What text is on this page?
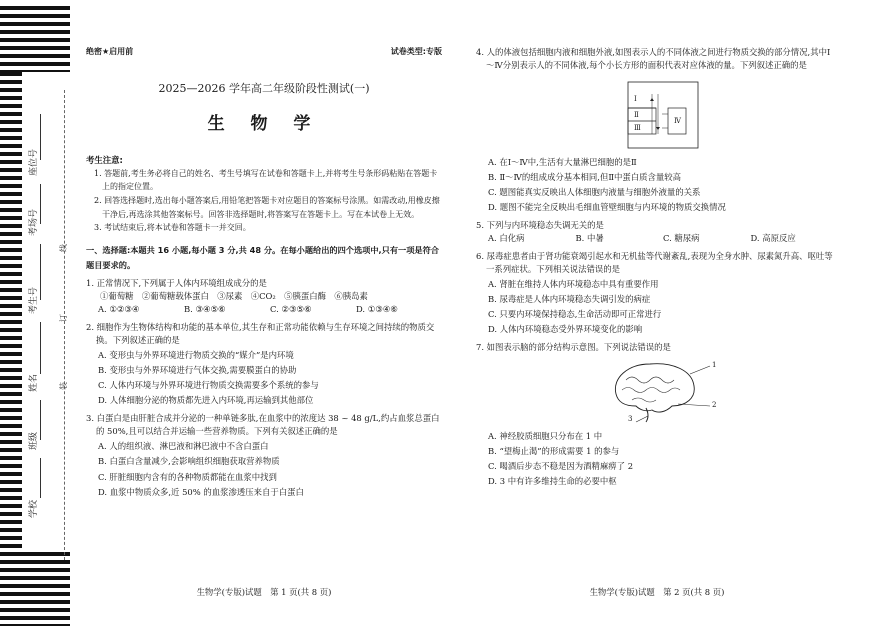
座位号
考场号
考生号
姓名
班级
学校
线
订
装
绝密★启用前	试卷类型:专版
2025—2026 学年高二年级阶段性测试(一)
生 物 学
考生注意:
1. 答题前,考生务必将自己的姓名、考生号填写在试卷和答题卡上,并将考生号条形码粘贴在答题卡上的指定位置。
2. 回答选择题时,选出每小题答案后,用铅笔把答题卡对应题目的答案标号涂黑。如需改动,用橡皮擦干净后,再选涂其他答案标号。回答非选择题时,将答案写在答题卡上。写在本试卷上无效。
3. 考试结束后,将本试卷和答题卡一并交回。
一、选择题:本题共 16 小题,每小题 3 分,共 48 分。在每小题给出的四个选项中,只有一项是符合题目要求的。
1. 正常情况下,下列属于人体内环境组成成分的是
①葡萄糖　②葡萄糖载体蛋白　③尿素　④CO₂　⑤胰蛋白酶　⑥胰岛素
A. ①②③④	B. ③④⑤⑥	C. ②③⑤⑥	D. ①③④⑥
2. 细胞作为生物体结构和功能的基本单位,其生存和正常功能依赖与生存环境之间持续的物质交换。下列叙述正确的是
A. 变形虫与外界环境进行物质交换的“媒介”是内环境
B. 变形虫与外界环境进行气体交换,需要膜蛋白的协助
C. 人体内环境与外界环境进行物质交换需要多个系统的参与
D. 人体细胞分泌的物质都先进入内环境,再运输到其他部位
3. 白蛋白是由肝脏合成并分泌的一种单链多肽,在血浆中的浓度达 38 ~ 48 g/L,约占血浆总蛋白的 50%,且可以结合并运输一些营养物质。下列有关叙述正确的是
A. 人的组织液、淋巴液和淋巴液中不含白蛋白
B. 白蛋白含量减少,会影响组织细胞获取营养物质
C. 肝脏细胞内含有的各种物质都能在血浆中找到
D. 血浆中物质众多,近 50% 的血浆渗透压来自于白蛋白
4. 人的体液包括细胞内液和细胞外液,如图表示人的不同体液之间进行物质交换的部分情况,其中Ⅰ～Ⅳ分别表示人的不同体液,每个小长方形的面积代表对应体液的量。下列叙述正确的是
Ⅰ
Ⅱ
Ⅲ
Ⅳ
A. 在Ⅰ～Ⅳ中,生活有大量淋巴细胞的是Ⅱ
B. Ⅱ～Ⅳ的组成成分基本相同,但Ⅱ中蛋白质含量较高
C. 题图能真实反映出人体细胞内液量与细胞外液量的关系
D. 题图不能完全反映出毛细血管壁细胞与内环境的物质交换情况
5. 下列与内环境稳态失调无关的是
A. 白化病	B. 中暑	C. 糖尿病	D. 高原反应
6. 尿毒症患者由于肾功能衰竭引起水和无机盐等代谢紊乱,表现为全身水肿、尿素氮升高、呕吐等一系列症状。下列相关说法错误的是
A. 肾脏在维持人体内环境稳态中具有重要作用
B. 尿毒症是人体内环境稳态失调引发的病症
C. 只要内环境保持稳态,生命活动即可正常进行
D. 人体内环境稳态受外界环境变化的影响
7. 如图表示脑的部分结构示意图。下列说法错误的是
1
2
3
A. 神经胶质细胞只分布在 1 中
B. “望梅止渴”的形成需要 1 的参与
C. 喝酒后步态不稳是因为酒精麻痹了 2
D. 3 中有许多维持生命的必要中枢
生物学(专版)试题　第 1 页(共 8 页)	生物学(专版)试题　第 2 页(共 8 页)
